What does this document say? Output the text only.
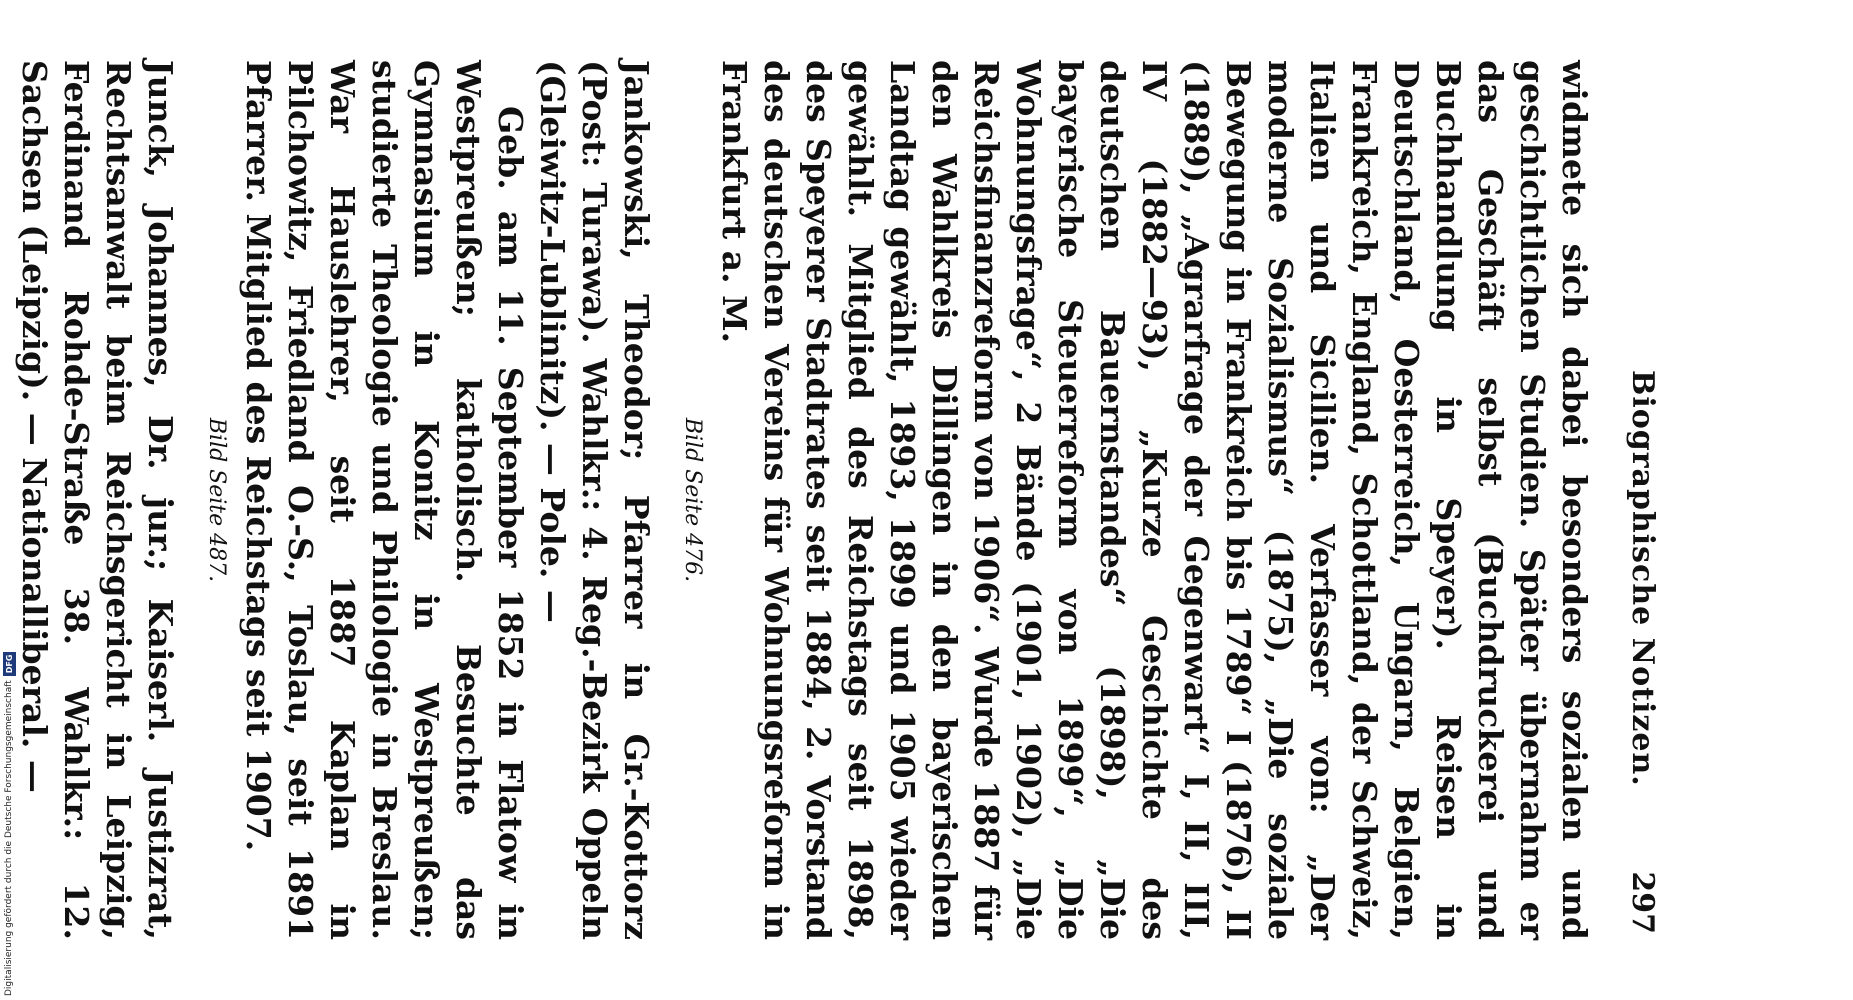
Biographische Notizen.
297

widmete sich dabei besonders sozialen und geschichtlichen Studien. Später übernahm er das Geschäft selbst (Buchdruckerei und Buchhandlung in Speyer). Reisen in Deutschland, Oesterreich, Ungarn, Belgien, Frankreich, England, Schottland, der Schweiz, Italien und Sicilien. Verfasser von: „Der moderne Sozialismus“ (1875), „Die soziale Bewegung in Frankreich bis 1789“ I (1876), II (1889), „Agrarfrage der Gegenwart“ I, II, III, IV (1882—93), „Kurze Geschichte des deutschen Bauernstandes“ (1898), „Die bayerische Steuerreform von 1899“, „Die Wohnungsfrage“, 2 Bände (1901, 1902), „Die Reichsfinanzreform von 1906“. Wurde 1887 für den Wahlkreis Dillingen in den bayerischen Landtag gewählt, 1893, 1899 und 1905 wieder gewählt. Mitglied des Reichstags seit 1898, des Speyerer Stadtrates seit 1884, 2. Vorstand des deutschen Vereins für Wohnungsreform in Frankfurt a. M.

Bild Seite 476.

Jankowski, Theodor; Pfarrer in Gr.-Kottorz (Post: Turawa). Wahlkr.: 4. Reg.-Bezirk Oppeln (Gleiwitz-Lublinitz). — Pole. —

Geb. am 11. September 1852 in Flatow in Westpreußen; katholisch. Besuchte das Gymnasium in Konitz in Westpreußen; studierte Theologie und Philologie in Breslau. War Hauslehrer, seit 1887 Kaplan in Pilchowitz, Friedland O.-S., Toslau, seit 1891 Pfarrer. Mitglied des Reichstags seit 1907.

Bild Seite 487.

Junck, Johannes, Dr. jur.; Kaiserl. Justizrat, Rechtsanwalt beim Reichsgericht in Leipzig, Ferdinand Rohde-Straße 38. Wahlkr.: 12. Sachsen (Leipzig). — Nationalliberal. —

Digitalisierung gefördert durch die Deutsche Forschungsgemeinschaft
DFG
